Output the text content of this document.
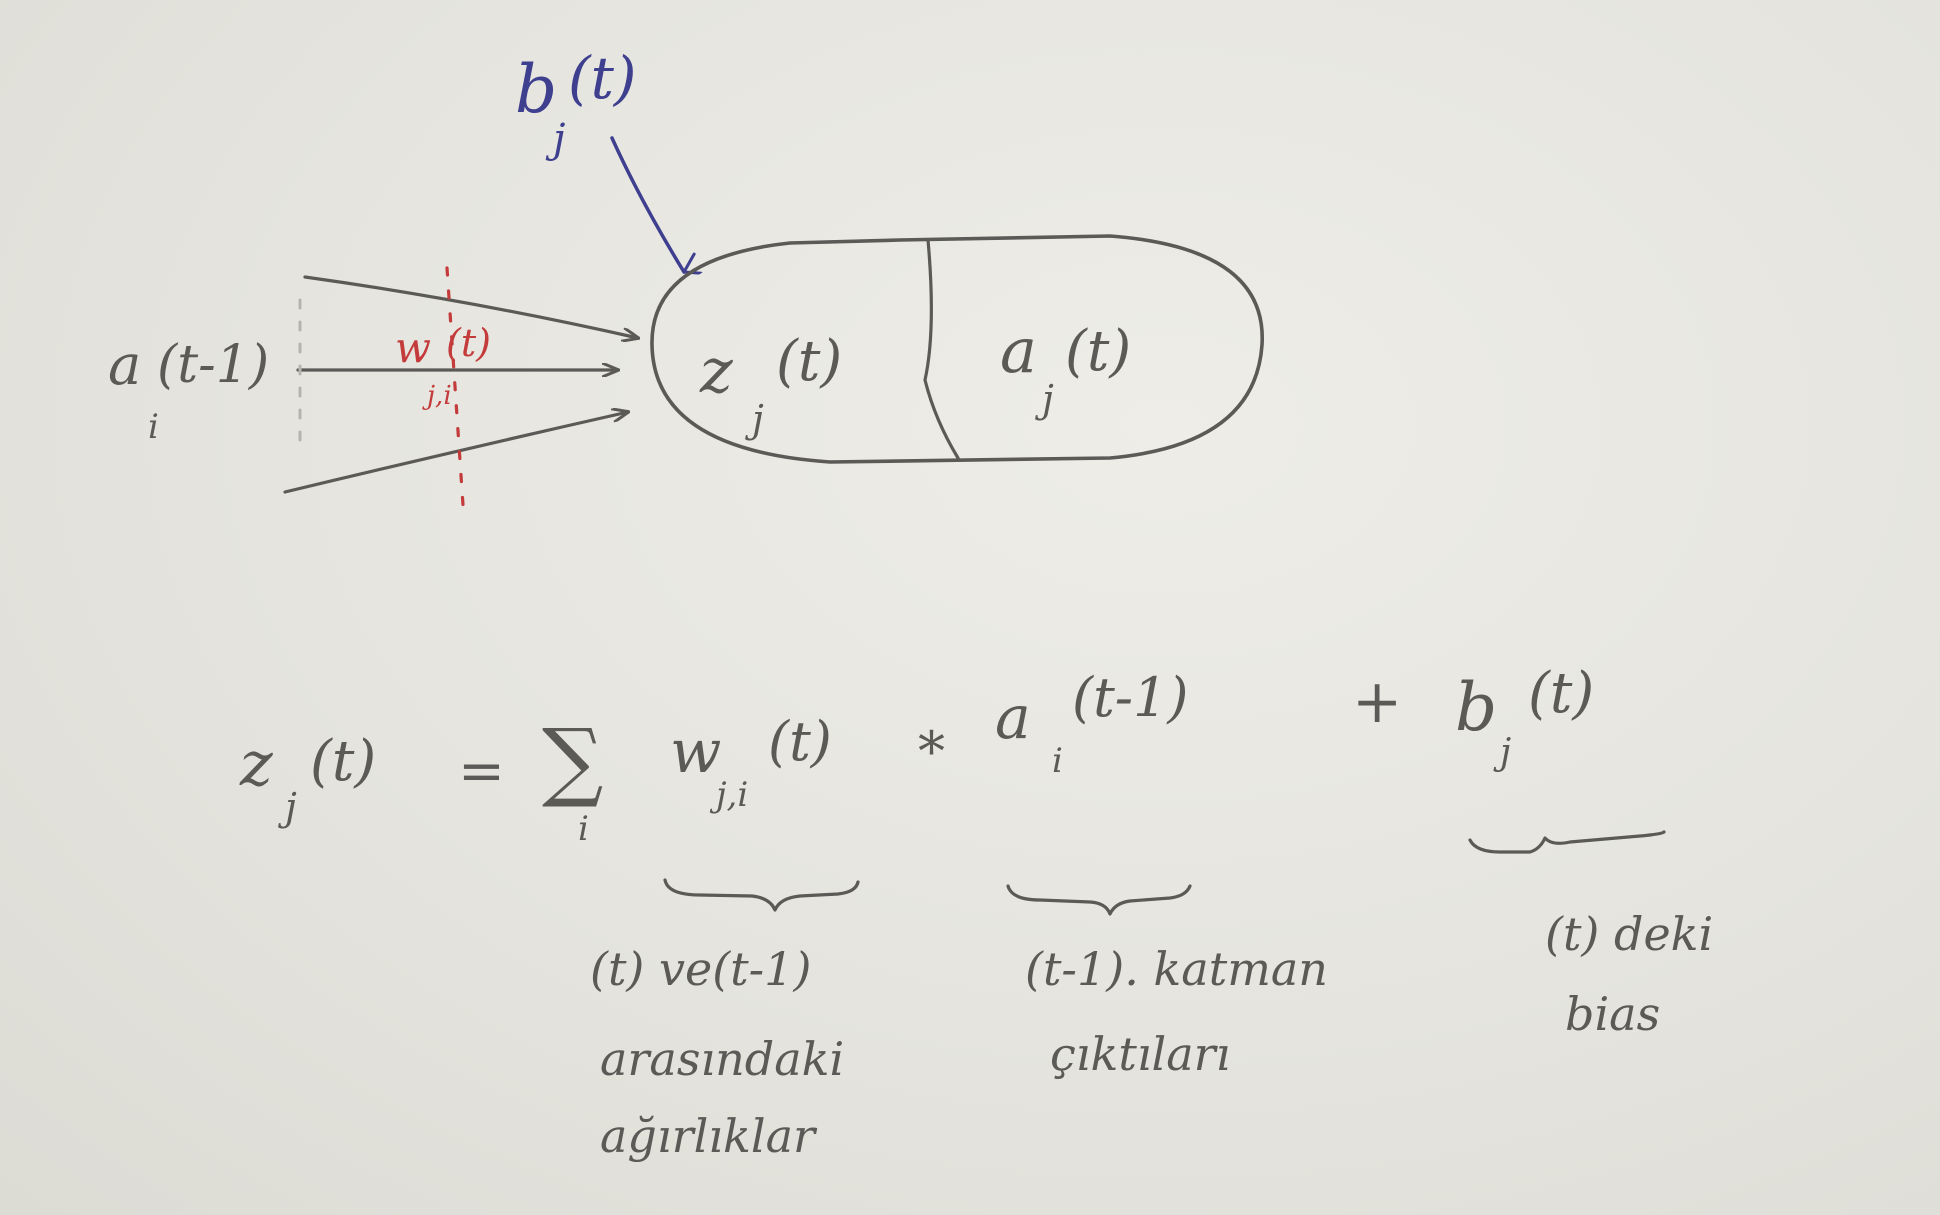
b
j
(t)
a
i
(t-1)	w
j,i
(t)	z
j
(t)	a
j
(t)
z
j
(t) = ∑
i
w
j,i
(t) * a
i
(t-1)	+ b
j
(t)
(t) ve(t-1)
arasındaki
ağırlıklar
(t-1). katman
çıktıları
(t) deki
bias
